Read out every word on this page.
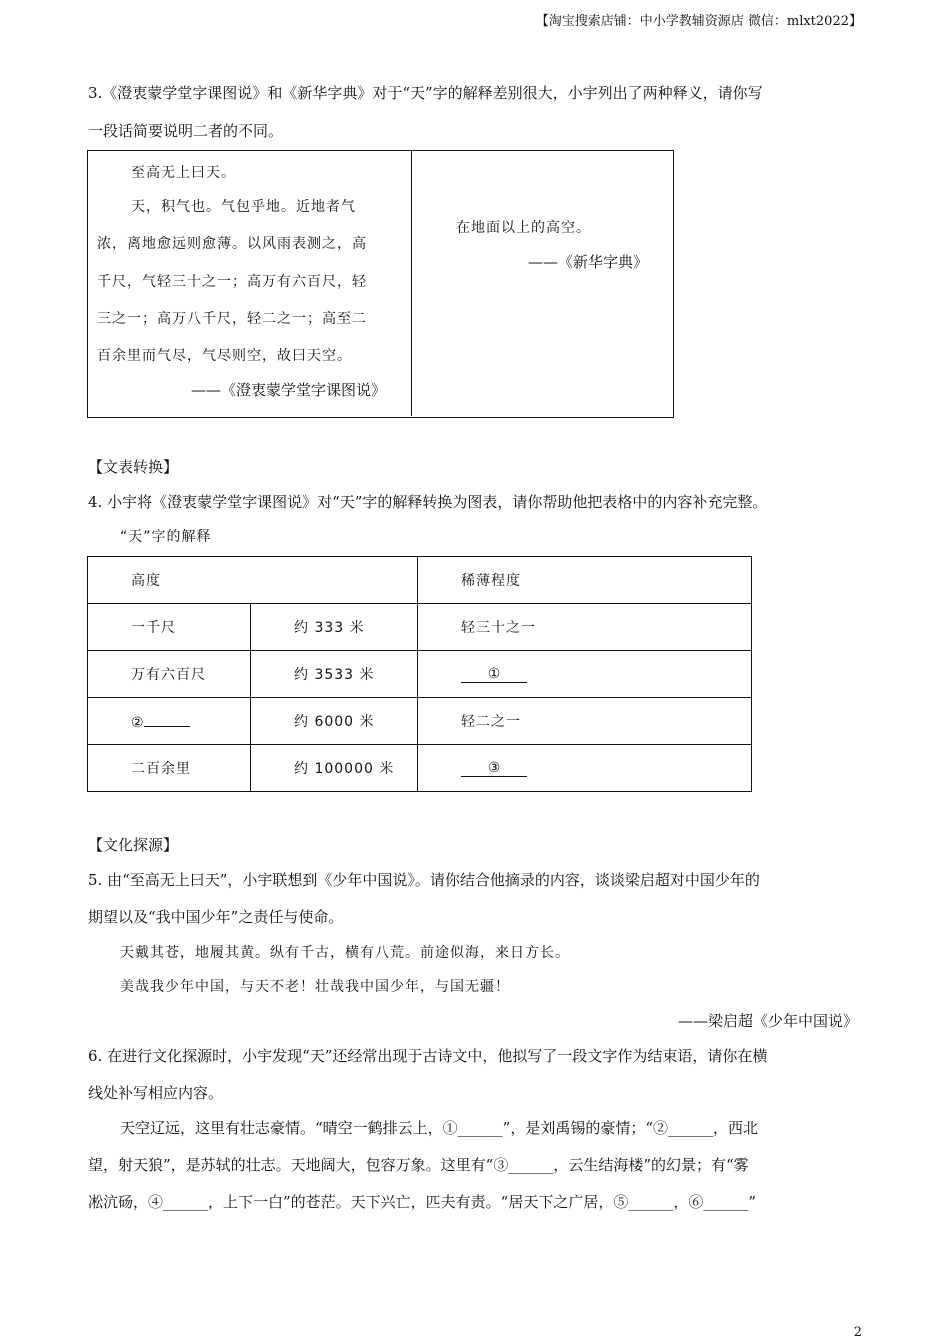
【淘宝搜索店铺：中小学教辅资源店 微信：mlxt2022】
3.《澄衷蒙学堂字课图说》和《新华字典》对于“天”字的解释差别很大，小宇列出了两种释义，请你写
一段话简要说明二者的不同。
至高无上曰天。
天，积气也。气包乎地。近地者气
浓，离地愈远则愈薄。以风雨表测之，高
千尺，气轻三十之一；高万有六百尺，轻
三之一；高万八千尺，轻二之一；高至二
百余里而气尽，气尽则空，故曰天空。
——《澄衷蒙学堂字课图说》
在地面以上的高空。
——《新华字典》
【文表转换】
4. 小宇将《澄衷蒙学堂字课图说》对“天”字的解释转换为图表，请你帮助他把表格中的内容补充完整。
“天”字的解释
高度		稀薄程度
一千尺	约 333 米	轻三十之一
万有六百尺	约 3533 米	①
②	约 6000 米	轻二之一
二百余里	约 100000 米	③
【文化探源】
5. 由“至高无上曰天”，小宇联想到《少年中国说》。请你结合他摘录的内容，谈谈梁启超对中国少年的
期望以及“我中国少年”之责任与使命。
天戴其苍，地履其黄。纵有千古，横有八荒。前途似海，来日方长。
美哉我少年中国，与天不老！壮哉我中国少年，与国无疆！
——梁启超《少年中国说》
6. 在进行文化探源时，小宇发现“天”还经常出现于古诗文中，他拟写了一段文字作为结束语，请你在横
线处补写相应内容。
天空辽远，这里有壮志豪情。“晴空一鹤排云上，①______”，是刘禹锡的豪情；“②______，西北
望，射天狼”，是苏轼的壮志。天地阔大，包容万象。这里有“③______，云生结海楼”的幻景；有“雾
凇沆砀，④______，上下一白”的苍茫。天下兴亡，匹夫有责。“居天下之广居，⑤______，⑥______”
2
